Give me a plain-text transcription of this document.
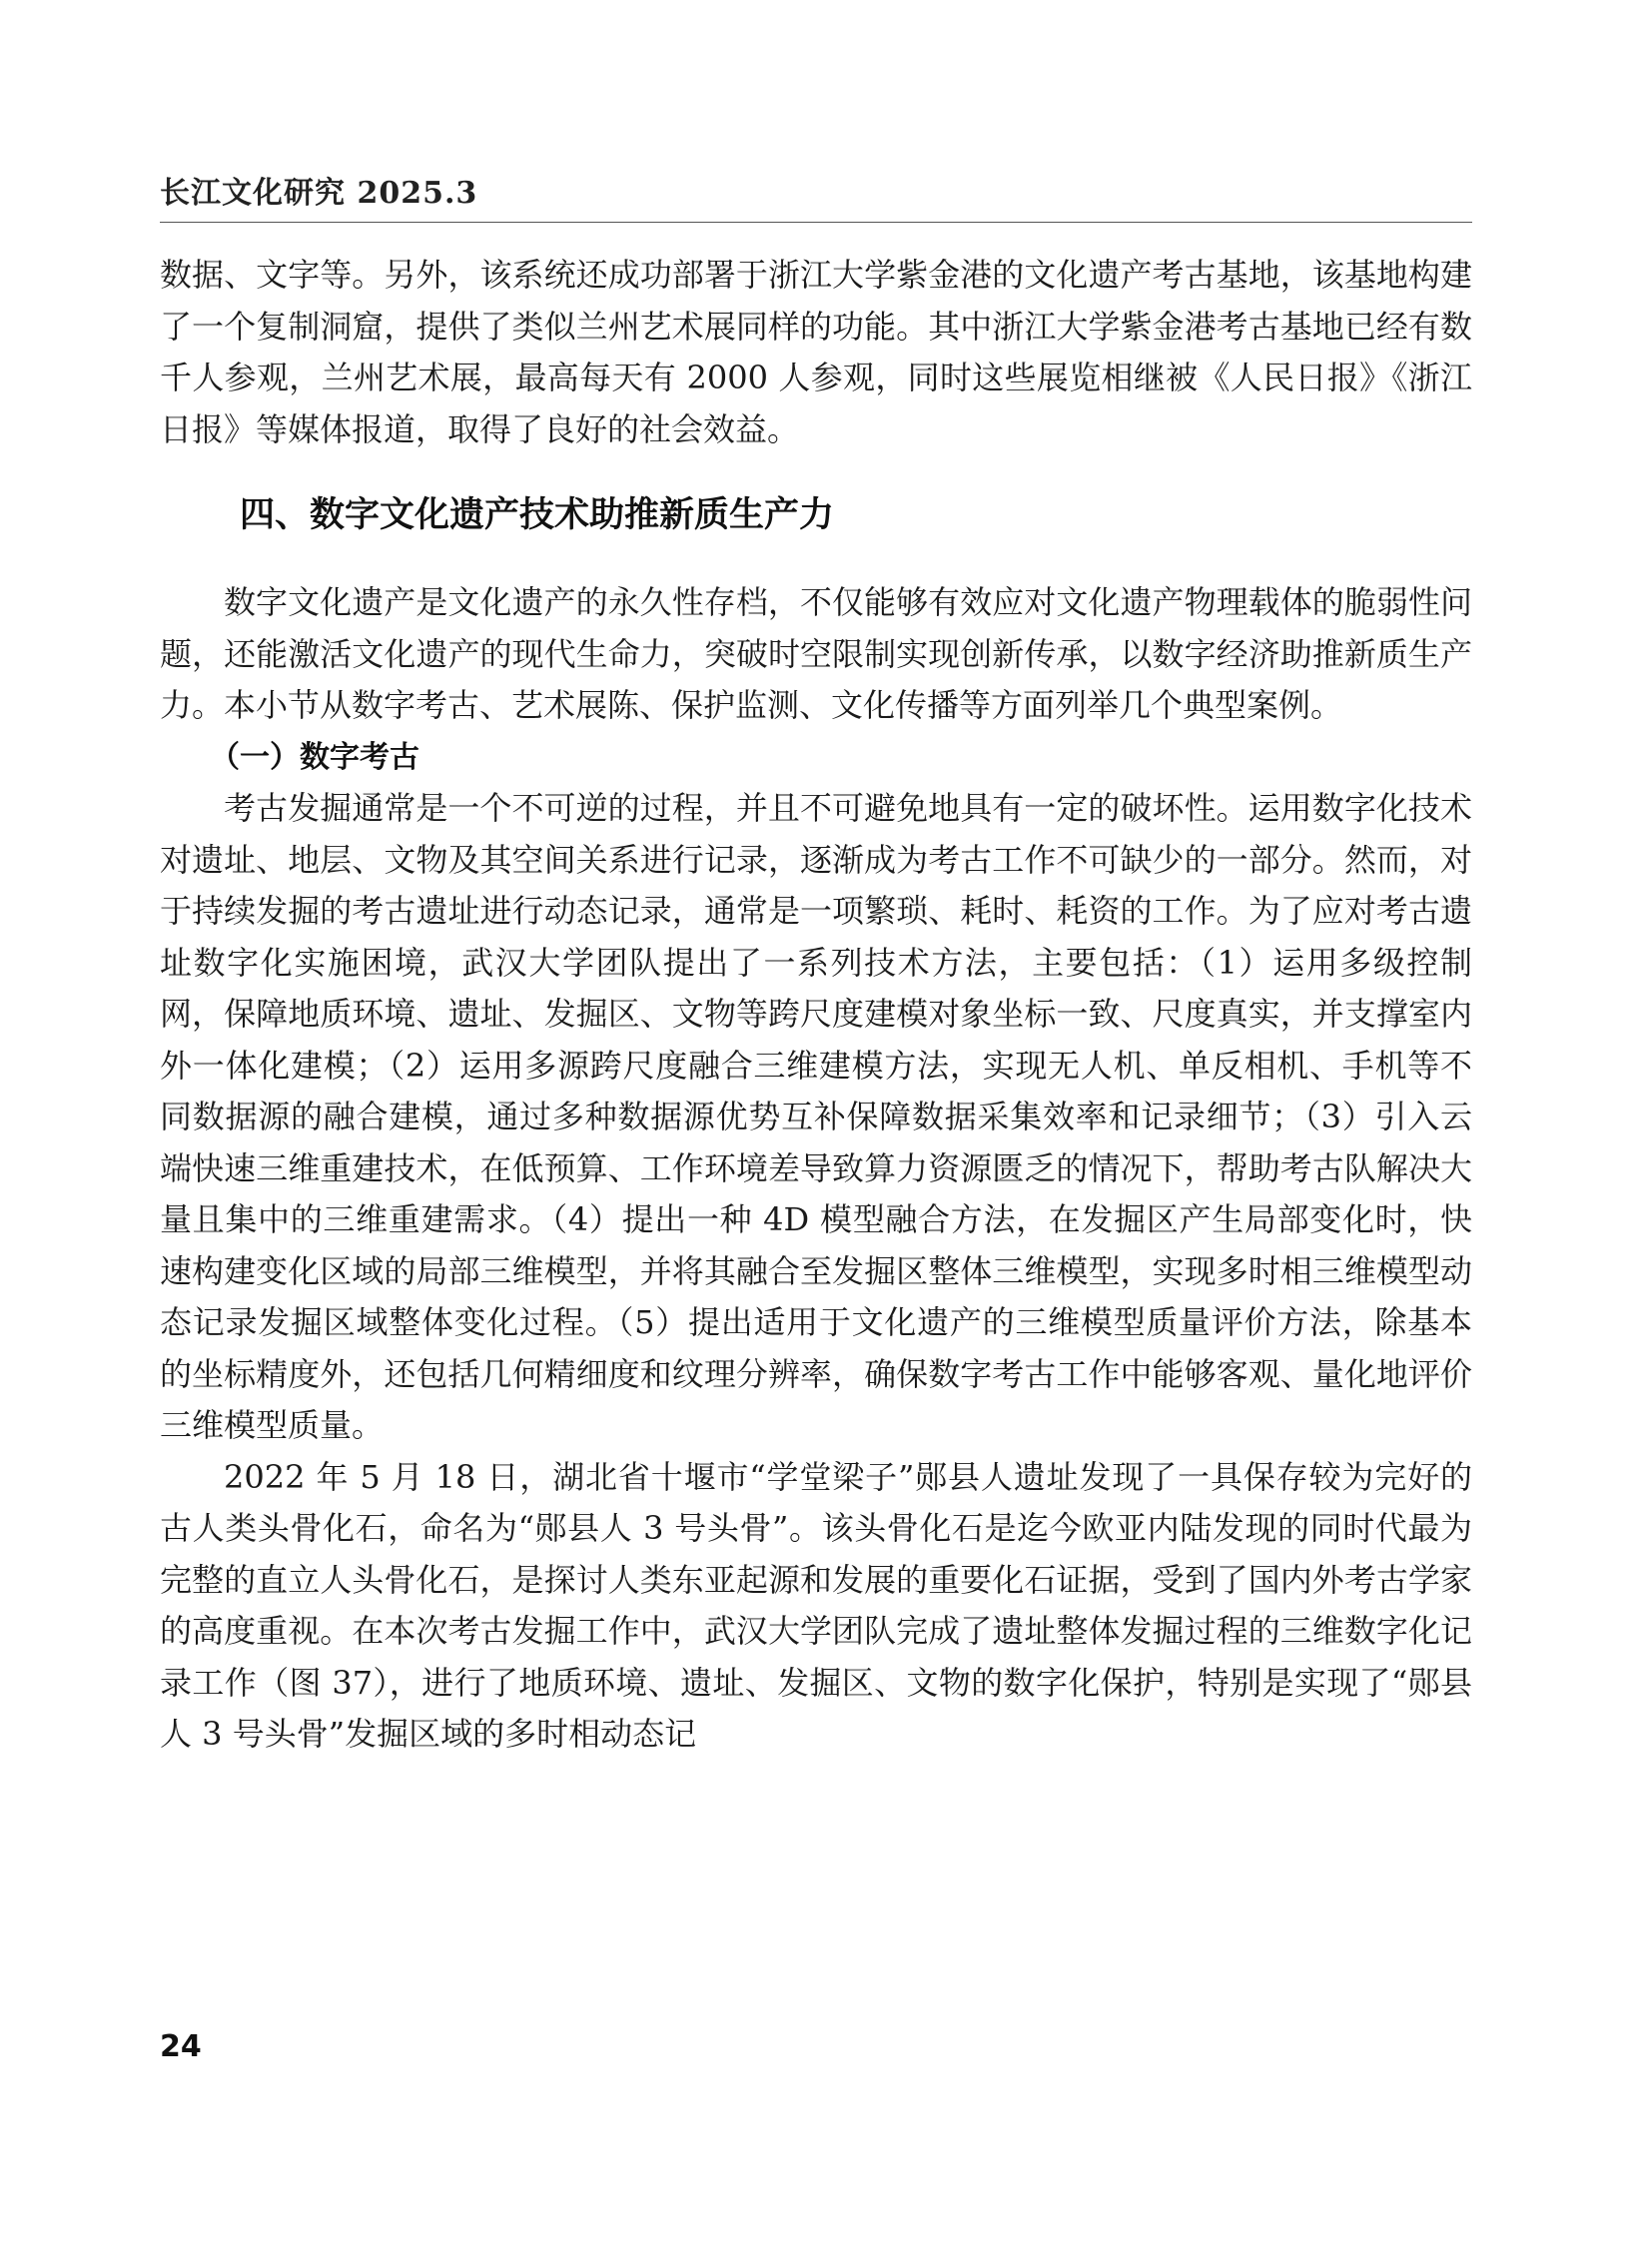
长江文化研究 2025.3

数据、文字等。另外，该系统还成功部署于浙江大学紫金港的文化遗产考古基地，该基地构建了一个复制洞窟，提供了类似兰州艺术展同样的功能。其中浙江大学紫金港考古基地已经有数千人参观，兰州艺术展，最高每天有 2000 人参观，同时这些展览相继被《人民日报》《浙江日报》等媒体报道，取得了良好的社会效益。

四、数字文化遗产技术助推新质生产力

数字文化遗产是文化遗产的永久性存档，不仅能够有效应对文化遗产物理载体的脆弱性问题，还能激活文化遗产的现代生命力，突破时空限制实现创新传承，以数字经济助推新质生产力。本小节从数字考古、艺术展陈、保护监测、文化传播等方面列举几个典型案例。

（一）数字考古

考古发掘通常是一个不可逆的过程，并且不可避免地具有一定的破坏性。运用数字化技术对遗址、地层、文物及其空间关系进行记录，逐渐成为考古工作不可缺少的一部分。然而，对于持续发掘的考古遗址进行动态记录，通常是一项繁琐、耗时、耗资的工作。为了应对考古遗址数字化实施困境，武汉大学团队提出了一系列技术方法，主要包括：（1）运用多级控制网，保障地质环境、遗址、发掘区、文物等跨尺度建模对象坐标一致、尺度真实，并支撑室内外一体化建模；（2）运用多源跨尺度融合三维建模方法，实现无人机、单反相机、手机等不同数据源的融合建模，通过多种数据源优势互补保障数据采集效率和记录细节；（3）引入云端快速三维重建技术，在低预算、工作环境差导致算力资源匮乏的情况下，帮助考古队解决大量且集中的三维重建需求。（4）提出一种 4D 模型融合方法，在发掘区产生局部变化时，快速构建变化区域的局部三维模型，并将其融合至发掘区整体三维模型，实现多时相三维模型动态记录发掘区域整体变化过程。（5）提出适用于文化遗产的三维模型质量评价方法，除基本的坐标精度外，还包括几何精细度和纹理分辨率，确保数字考古工作中能够客观、量化地评价三维模型质量。

2022 年 5 月 18 日，湖北省十堰市“学堂梁子”郧县人遗址发现了一具保存较为完好的古人类头骨化石，命名为“郧县人 3 号头骨”。该头骨化石是迄今欧亚内陆发现的同时代最为完整的直立人头骨化石，是探讨人类东亚起源和发展的重要化石证据，受到了国内外考古学家的高度重视。在本次考古发掘工作中，武汉大学团队完成了遗址整体发掘过程的三维数字化记录工作（图 37），进行了地质环境、遗址、发掘区、文物的数字化保护，特别是实现了“郧县人 3 号头骨”发掘区域的多时相动态记

24
